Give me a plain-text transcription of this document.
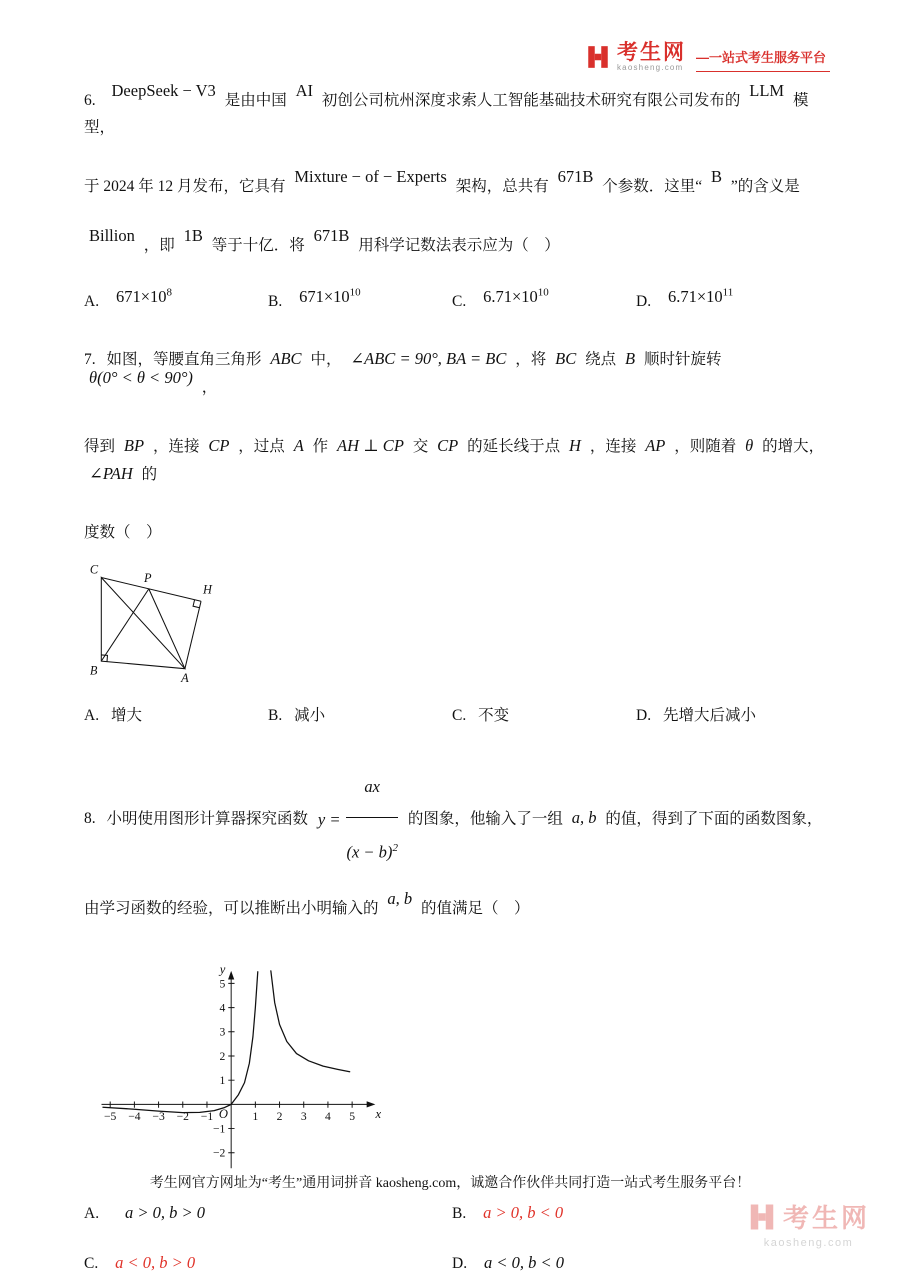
考生网
kaosheng.com
—一站式考生服务平台

6. DeepSeek − V3 是由中国 AI 初创公司杭州深度求索人工智能基础技术研究有限公司发布的 LLM 模型，

于 2024 年 12 月发布，它具有 Mixture − of − Experts 架构，总共有 671B 个参数．这里“ B ”的含义是

Billion ，即 1B 等于十亿．将 671B 用科学记数法表示应为（　）

A. $671\times 10^8$
B. $671\times 10^{10}$
C. $6.71\times 10^{10}$
D. $6.71\times 10^{11}$

7. 如图，等腰直角三角形 ABC 中， ∠ABC = 90°, BA = BC ，将 BC 绕点 B 顺时针旋转 θ(0° < θ < 90°) ，

得到 BP ，连接 CP ，过点 A 作 AH ⊥ CP 交 CP 的延长线于点 H ，连接 AP ，则随着 θ 的增大， ∠PAH 的

度数（　）

C
P
H
B
A
A. 增大	B. 减小	C. 不变	D. 先增大后减小

8. 小明使用图形计算器探究函数 $y = \frac{ax}{(x - b)^2}$ 的图象，他输入了一组 a, b 的值，得到了下面的函数图象，

由学习函数的经验，可以推断出小明输入的 a, b 的值满足（　）

y
x
O
−5 −4 −3 −2 −1	1 2 3 4 5
5
4
3
2
1
−1
−2
A. a > 0, b > 0	B. a > 0, b < 0
C. a < 0, b > 0	D. a < 0, b < 0
考生网官方网址为“考生”通用词拼音 kaosheng.com，诚邀合作伙伴共同打造一站式考生服务平台！
考生网
kaosheng.com
